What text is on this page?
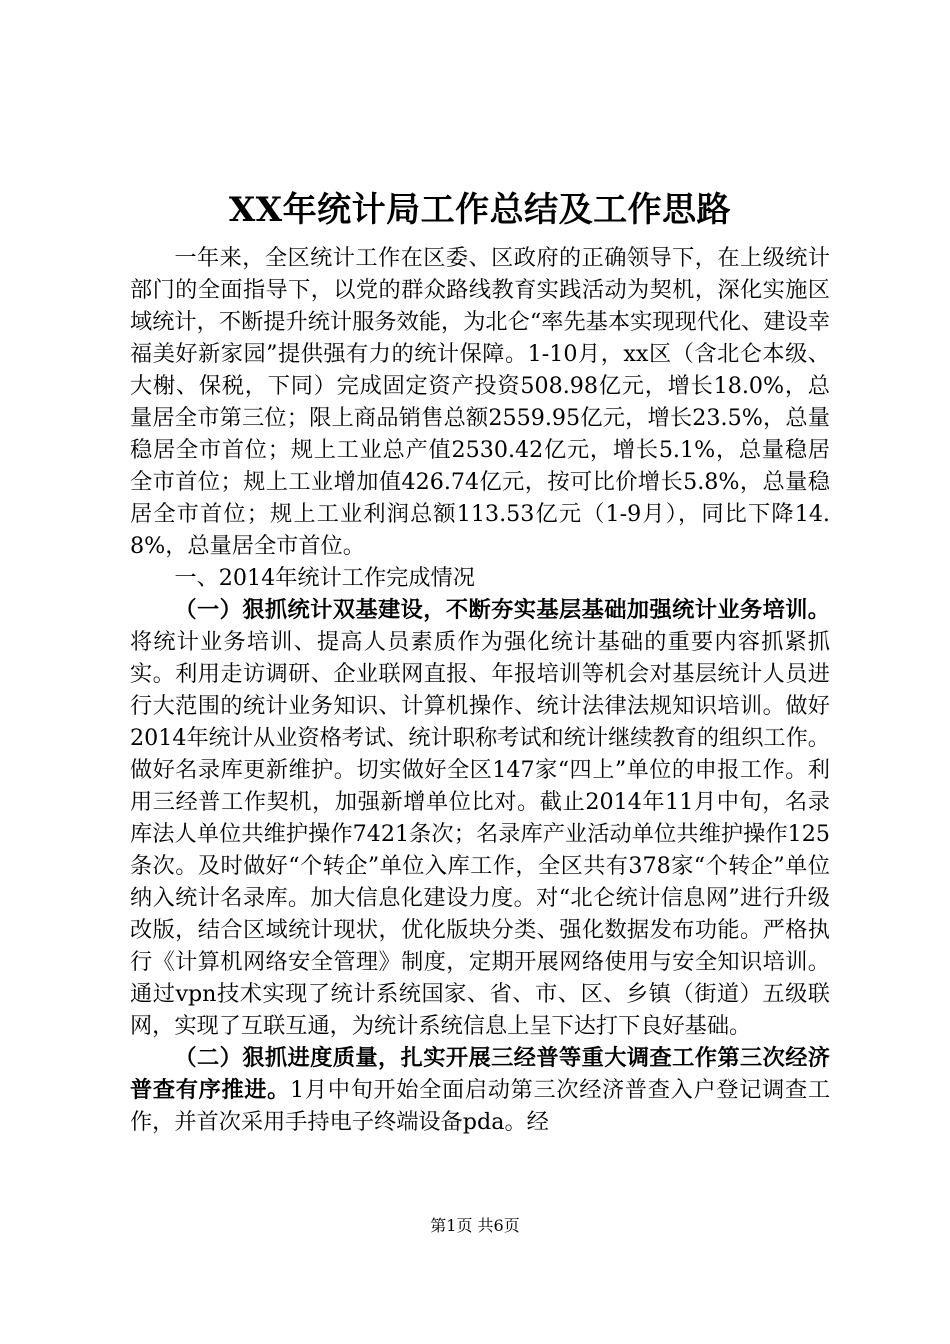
XX年统计局工作总结及工作思路

一年来，全区统计工作在区委、区政府的正确领导下，在上级统计部门的全面指导下，以党的群众路线教育实践活动为契机，深化实施区域统计，不断提升统计服务效能，为北仑“率先基本实现现代化、建设幸福美好新家园”提供强有力的统计保障。1-10月，xx区（含北仑本级、大榭、保税，下同）完成固定资产投资508.98亿元，增长18.0%，总量居全市第三位；限上商品销售总额2559.95亿元，增长23.5%，总量稳居全市首位；规上工业总产值2530.42亿元，增长5.1%，总量稳居全市首位；规上工业增加值426.74亿元，按可比价增长5.8%，总量稳居全市首位；规上工业利润总额113.53亿元（1-9月），同比下降14.8%，总量居全市首位。

一、2014年统计工作完成情况

（一）狠抓统计双基建设，不断夯实基层基础加强统计业务培训。将统计业务培训、提高人员素质作为强化统计基础的重要内容抓紧抓实。利用走访调研、企业联网直报、年报培训等机会对基层统计人员进行大范围的统计业务知识、计算机操作、统计法律法规知识培训。做好2014年统计从业资格考试、统计职称考试和统计继续教育的组织工作。做好名录库更新维护。切实做好全区147家“四上”单位的申报工作。利用三经普工作契机，加强新增单位比对。截止2014年11月中旬，名录库法人单位共维护操作7421条次；名录库产业活动单位共维护操作125条次。及时做好“个转企”单位入库工作，全区共有378家“个转企”单位纳入统计名录库。加大信息化建设力度。对“北仑统计信息网”进行升级改版，结合区域统计现状，优化版块分类、强化数据发布功能。严格执行《计算机网络安全管理》制度，定期开展网络使用与安全知识培训。通过vpn技术实现了统计系统国家、省、市、区、乡镇（街道）五级联网，实现了互联互通，为统计系统信息上呈下达打下良好基础。

（二）狠抓进度质量，扎实开展三经普等重大调查工作第三次经济普查有序推进。1月中旬开始全面启动第三次经济普查入户登记调查工作，并首次采用手持电子终端设备pda。经

第1页 共6页
